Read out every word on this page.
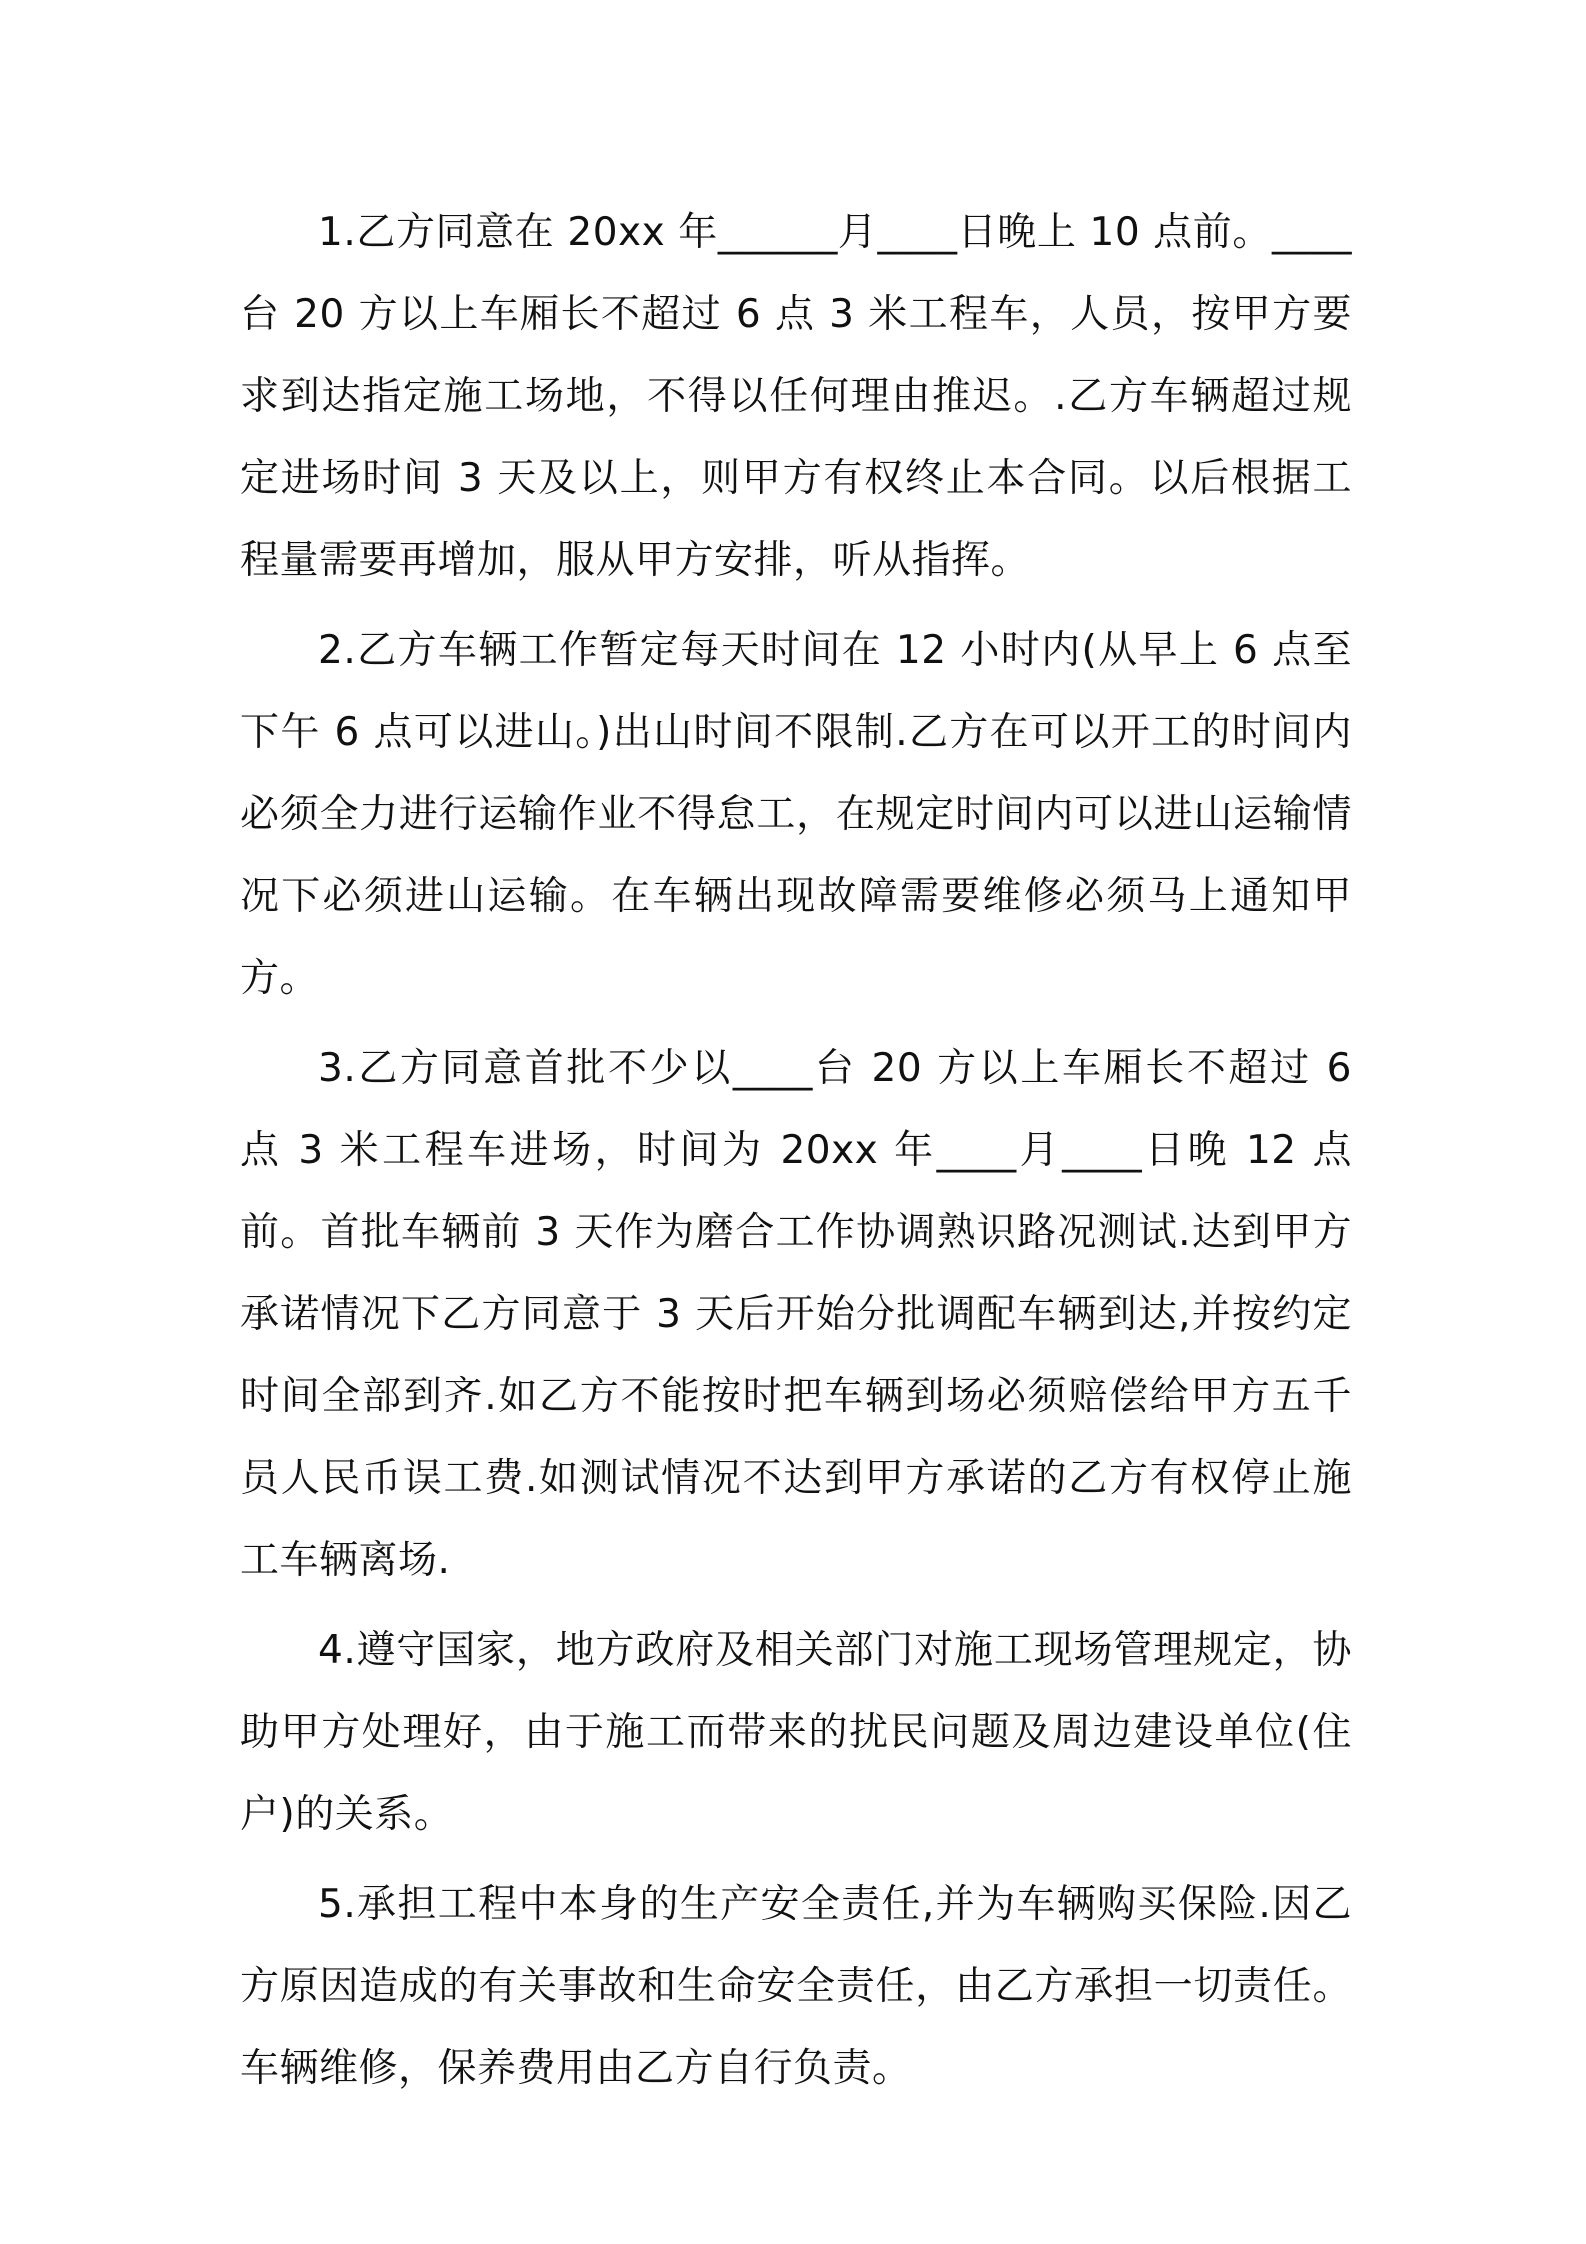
1.乙方同意在 20xx 年______月____日晚上 10 点前。____台 20 方以上车厢长不超过 6 点 3 米工程车，人员，按甲方要求到达指定施工场地，不得以任何理由推迟。.乙方车辆超过规定进场时间 3 天及以上，则甲方有权终止本合同。以后根据工程量需要再增加，服从甲方安排，听从指挥。

2.乙方车辆工作暂定每天时间在 12 小时内(从早上 6 点至下午 6 点可以进山。)出山时间不限制.乙方在可以开工的时间内必须全力进行运输作业不得怠工，在规定时间内可以进山运输情况下必须进山运输。在车辆出现故障需要维修必须马上通知甲方。

3.乙方同意首批不少以____台 20 方以上车厢长不超过 6 点 3 米工程车进场，时间为 20xx 年____月____日晚 12 点前。首批车辆前 3 天作为磨合工作协调熟识路况测试.达到甲方承诺情况下乙方同意于 3 天后开始分批调配车辆到达,并按约定时间全部到齐.如乙方不能按时把车辆到场必须赔偿给甲方五千员人民币误工费.如测试情况不达到甲方承诺的乙方有权停止施工车辆离场.

4.遵守国家，地方政府及相关部门对施工现场管理规定，协助甲方处理好，由于施工而带来的扰民问题及周边建设单位(住户)的关系。

5.承担工程中本身的生产安全责任,并为车辆购买保险.因乙方原因造成的有关事故和生命安全责任，由乙方承担一切责任。车辆维修，保养费用由乙方自行负责。
